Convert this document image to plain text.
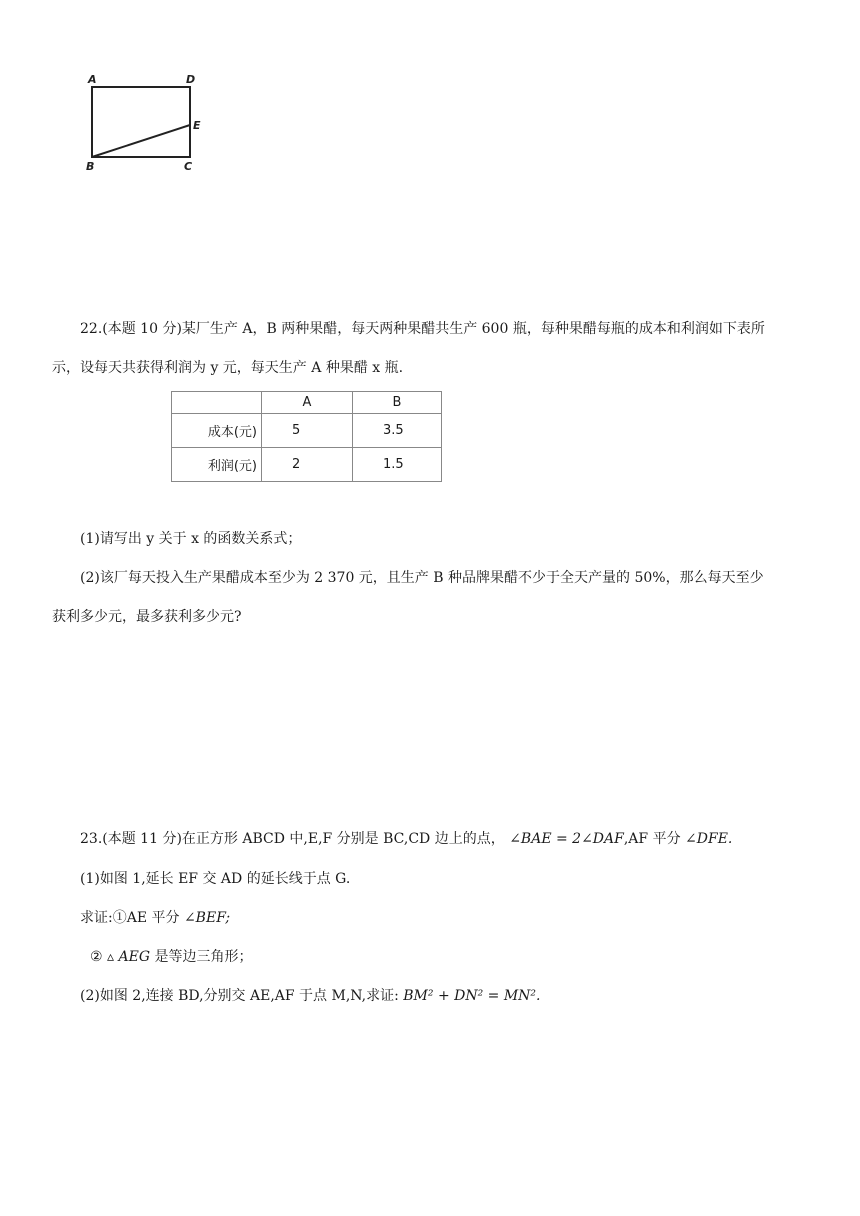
A	D
E
B	C
22.(本题 10 分)某厂生产 A，B 两种果醋，每天两种果醋共生产 600 瓶，每种果醋每瓶的成本和利润如下表所
示，设每天共获得利润为 y 元，每天生产 A 种果醋 x 瓶.
	A	B
成本(元)	5	3.5
利润(元)	2	1.5
(1)请写出 y 关于 x 的函数关系式；
(2)该厂每天投入生产果醋成本至少为 2 370 元，且生产 B 种品牌果醋不少于全天产量的 50%，那么每天至少
获利多少元，最多获利多少元?
23.(本题 11 分)在正方形 ABCD 中,E,F 分别是 BC,CD 边上的点， ∠BAE = 2∠DAF,AF 平分 ∠DFE.
(1)如图 1,延长 EF 交 AD 的延长线于点 G.
求证:①AE 平分 ∠BEF;
② ▵ AEG 是等边三角形；
(2)如图 2,连接 BD,分别交 AE,AF 于点 M,N,求证: BM² + DN² = MN².
